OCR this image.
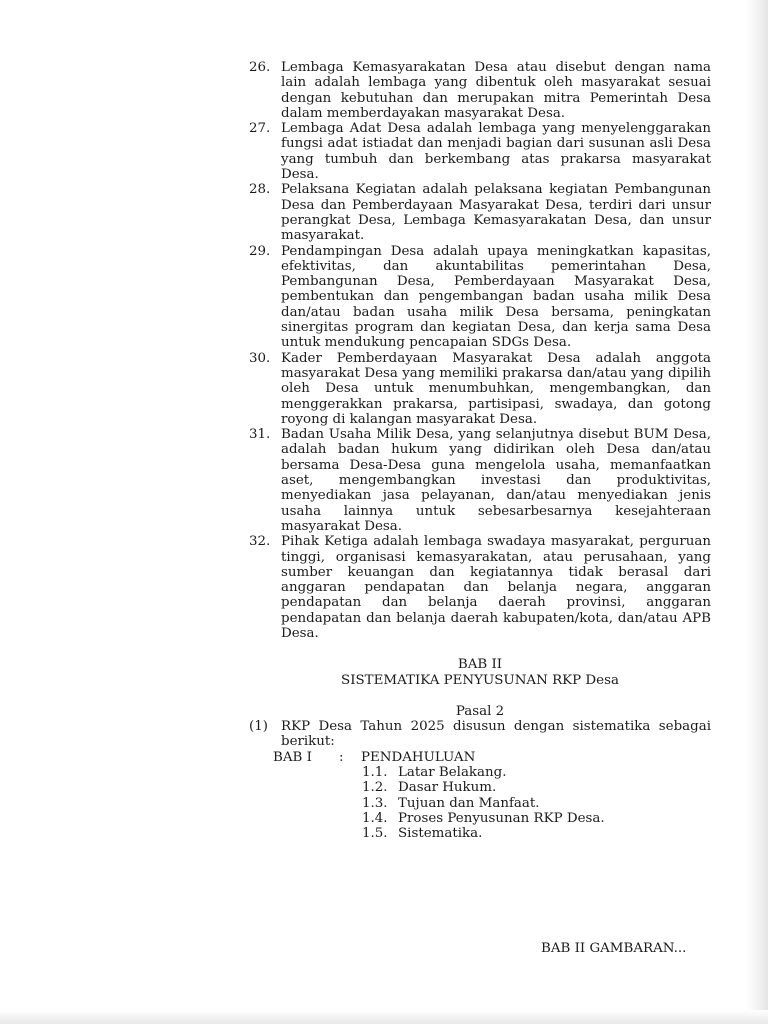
26. Lembaga Kemasyarakatan Desa atau disebut dengan nama lain adalah lembaga yang dibentuk oleh masyarakat sesuai dengan kebutuhan dan merupakan mitra Pemerintah Desa dalam memberdayakan masyarakat Desa.
27. Lembaga Adat Desa adalah lembaga yang menyelenggarakan fungsi adat istiadat dan menjadi bagian dari susunan asli Desa yang tumbuh dan berkembang atas prakarsa masyarakat Desa.
28. Pelaksana Kegiatan adalah pelaksana kegiatan Pembangunan Desa dan Pemberdayaan Masyarakat Desa, terdiri dari unsur perangkat Desa, Lembaga Kemasyarakatan Desa, dan unsur masyarakat.
29. Pendampingan Desa adalah upaya meningkatkan kapasitas, efektivitas, dan akuntabilitas pemerintahan Desa, Pembangunan Desa, Pemberdayaan Masyarakat Desa, pembentukan dan pengembangan badan usaha milik Desa dan/atau badan usaha milik Desa bersama, peningkatan sinergitas program dan kegiatan Desa, dan kerja sama Desa untuk mendukung pencapaian SDGs Desa.
30. Kader Pemberdayaan Masyarakat Desa adalah anggota masyarakat Desa yang memiliki prakarsa dan/atau yang dipilih oleh Desa untuk menumbuhkan, mengembangkan, dan menggerakkan prakarsa, partisipasi, swadaya, dan gotong royong di kalangan masyarakat Desa.
31. Badan Usaha Milik Desa, yang selanjutnya disebut BUM Desa, adalah badan hukum yang didirikan oleh Desa dan/atau bersama Desa-Desa guna mengelola usaha, memanfaatkan aset, mengembangkan investasi dan produktivitas, menyediakan jasa pelayanan, dan/atau menyediakan jenis usaha lainnya untuk sebesarbesarnya kesejahteraan masyarakat Desa.
32. Pihak Ketiga adalah lembaga swadaya masyarakat, perguruan tinggi, organisasi kemasyarakatan, atau perusahaan, yang sumber keuangan dan kegiatannya tidak berasal dari anggaran pendapatan dan belanja negara, anggaran pendapatan dan belanja daerah provinsi, anggaran pendapatan dan belanja daerah kabupaten/kota, dan/atau APB Desa.

BAB II

SISTEMATIKA PENYUSUNAN RKP Desa

Pasal 2

(1) RKP Desa Tahun 2025 disusun dengan sistematika sebagai berikut:
BAB I : PENDAHULUAN
1.1. Latar Belakang.
1.2. Dasar Hukum.
1.3. Tujuan dan Manfaat.
1.4. Proses Penyusunan RKP Desa.
1.5. Sistematika.
BAB II GAMBARAN...
